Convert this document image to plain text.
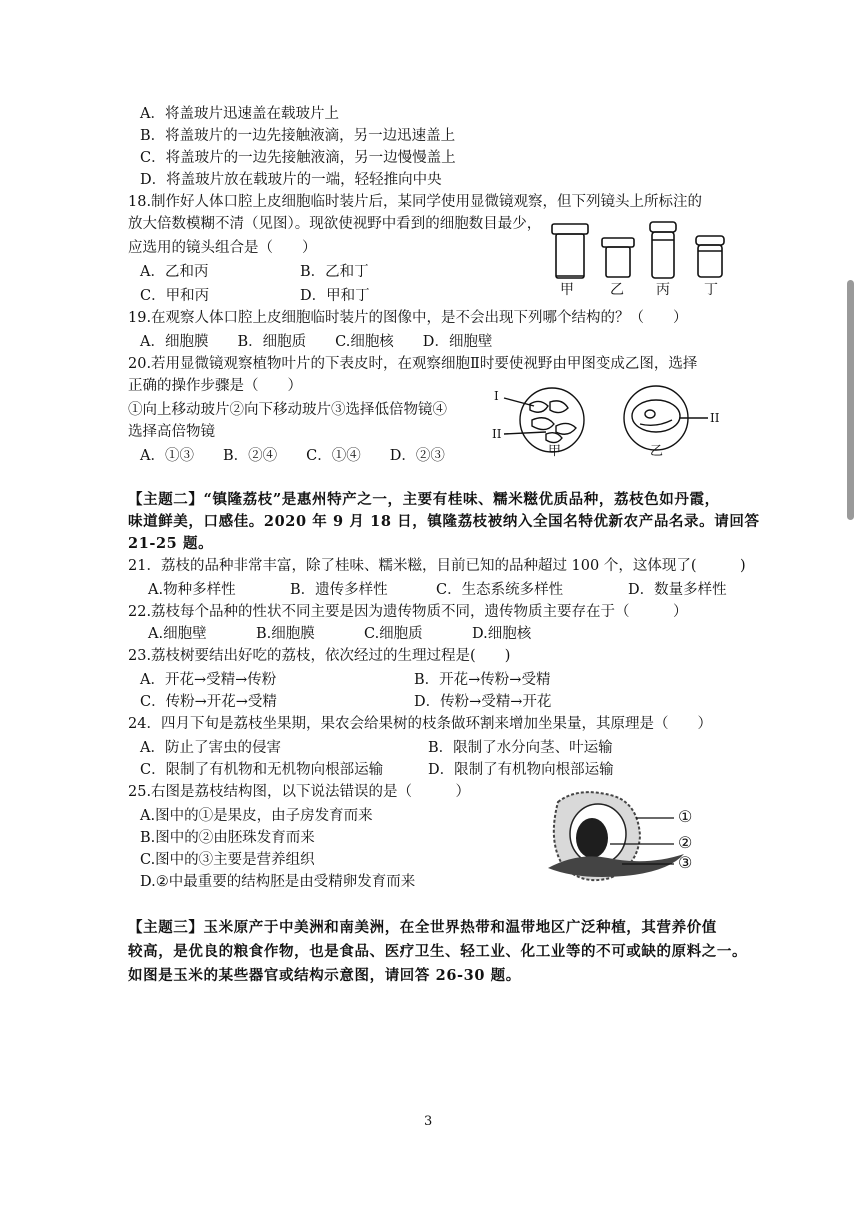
A．将盖玻片迅速盖在载玻片上
B．将盖玻片的一边先接触液滴，另一边迅速盖上
C．将盖玻片的一边先接触液滴，另一边慢慢盖上
D．将盖玻片放在载玻片的一端，轻轻推向中央
18.制作好人体口腔上皮细胞临时装片后，某同学使用显微镜观察，但下列镜头上所标注的
放大倍数模糊不清（见图）。现欲使视野中看到的细胞数目最少，
应选用的镜头组合是（　　）
A．乙和丙	B．乙和丁
C．甲和丙	D．甲和丁	甲	乙 丙 丁
19.在观察人体口腔上皮细胞临时装片的图像中，是不会出现下列哪个结构的？（　　）
A．细胞膜　　B．细胞质　　C.细胞核　　D．细胞壁
20.若用显微镜观察植物叶片的下表皮时，在观察细胞Ⅱ时要使视野由甲图变成乙图，选择
正确的操作步骤是（　　）
①向上移动玻片②向下移动玻片③选择低倍物镜④
选择高倍物镜
A．①③　　B．②④　　C．①④　　D．②③
I
II
II
甲	乙
【主题二】“镇隆荔枝”是惠州特产之一，主要有桂味、糯米糍优质品种，荔枝色如丹霞，
味道鲜美，口感佳。2020 年 9 月 18 日，镇隆荔枝被纳入全国名特优新农产品名录。请回答
21-25 题。
21．荔枝的品种非常丰富，除了桂味、糯米糍，目前已知的品种超过 100 个，这体现了(　　　)
A.物种多样性	B．遗传多样性	C．生态系统多样性	D．数量多样性
22.荔枝每个品种的性状不同主要是因为遗传物质不同，遗传物质主要存在于（　　　）
A.细胞壁	B.细胞膜	C.细胞质	D.细胞核
23.荔枝树要结出好吃的荔枝，依次经过的生理过程是(　　)
A．开花→受精→传粉	B．开花→传粉→受精
C．传粉→开花→受精	D．传粉→受精→开花
24．四月下旬是荔枝坐果期，果农会给果树的枝条做环割来增加坐果量，其原理是（　　）
A．防止了害虫的侵害	B．限制了水分向茎、叶运输
C．限制了有机物和无机物向根部运输	D．限制了有机物向根部运输
25.右图是荔枝结构图，以下说法错误的是（　　　）
A.图中的①是果皮，由子房发育而来
B.图中的②由胚珠发育而来
C.图中的③主要是营养组织
D.②中最重要的结构胚是由受精卵发育而来
①
②
③
【主题三】玉米原产于中美洲和南美洲，在全世界热带和温带地区广泛种植，其营养价值
较高，是优良的粮食作物，也是食品、医疗卫生、轻工业、化工业等的不可或缺的原料之一。
如图是玉米的某些器官或结构示意图，请回答 26-30 题。
3
